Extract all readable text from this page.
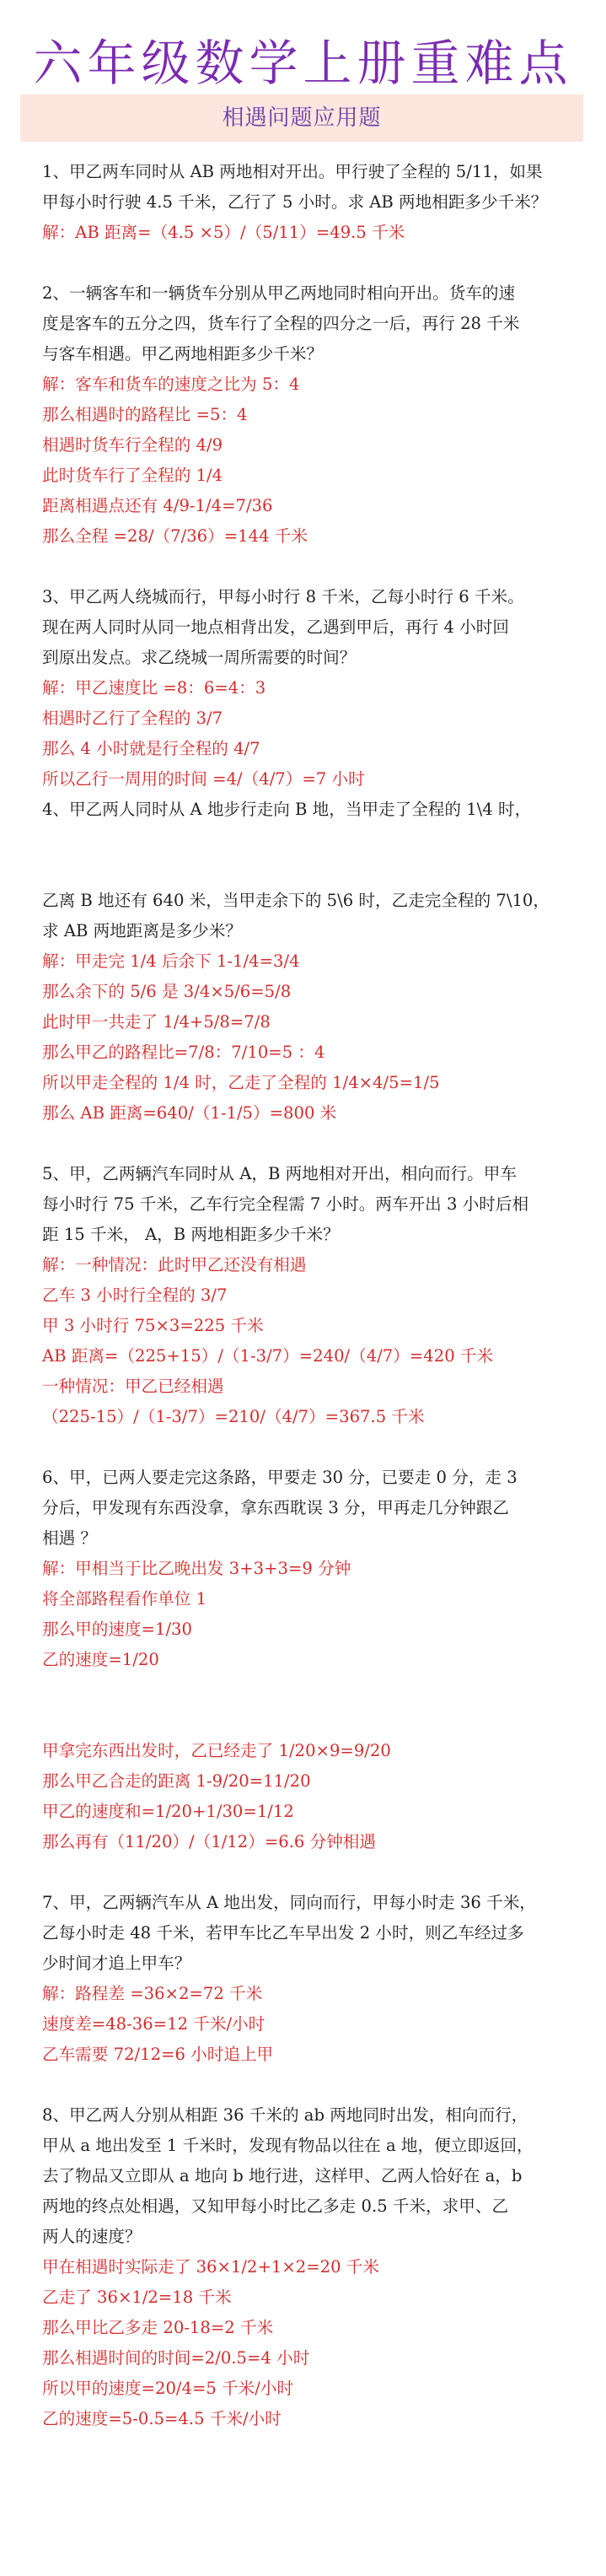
六年级数学上册重难点
相遇问题应用题
1、甲乙两车同时从 AB 两地相对开出。甲行驶了全程的 5/11，如果
甲每小时行驶 4.5 千米，乙行了 5 小时。求 AB 两地相距多少千米？
解：AB 距离=（4.5 ×5）/（5/11）=49.5 千米
2、一辆客车和一辆货车分别从甲乙两地同时相向开出。货车的速
度是客车的五分之四，货车行了全程的四分之一后，再行 28 千米
与客车相遇。甲乙两地相距多少千米？
解：客车和货车的速度之比为 5：4
那么相遇时的路程比 =5：4
相遇时货车行全程的 4/9
此时货车行了全程的 1/4
距离相遇点还有 4/9-1/4=7/36
那么全程 =28/（7/36）=144 千米
3、甲乙两人绕城而行，甲每小时行 8 千米，乙每小时行 6 千米。
现在两人同时从同一地点相背出发，乙遇到甲后，再行 4 小时回
到原出发点。求乙绕城一周所需要的时间？
解：甲乙速度比 =8：6=4：3
相遇时乙行了全程的 3/7
那么 4 小时就是行全程的 4/7
所以乙行一周用的时间 =4/（4/7）=7 小时
4、甲乙两人同时从 A 地步行走向 B 地，当甲走了全程的 1\4 时，
乙离 B 地还有 640 米，当甲走余下的 5\6 时，乙走完全程的 7\10，
求 AB 两地距离是多少米？
解：甲走完 1/4 后余下 1-1/4=3/4
那么余下的 5/6 是 3/4×5/6=5/8
此时甲一共走了 1/4+5/8=7/8
那么甲乙的路程比=7/8：7/10=5 ：4
所以甲走全程的 1/4 时，乙走了全程的 1/4×4/5=1/5
那么 AB 距离=640/（1-1/5）=800 米
5、甲，乙两辆汽车同时从 A，B 两地相对开出，相向而行。甲车
每小时行 75 千米，乙车行完全程需 7 小时。两车开出 3 小时后相
距 15 千米， A，B 两地相距多少千米？
解：一种情况：此时甲乙还没有相遇
乙车 3 小时行全程的 3/7
甲 3 小时行 75×3=225 千米
AB 距离=（225+15）/（1-3/7）=240/（4/7）=420 千米
一种情况：甲乙已经相遇
（225-15）/（1-3/7）=210/（4/7）=367.5 千米
6、甲，已两人要走完这条路，甲要走 30 分，已要走 0 分，走 3
分后，甲发现有东西没拿，拿东西耽误 3 分，甲再走几分钟跟乙
相遇 ？
解：甲相当于比乙晚出发 3+3+3=9 分钟
将全部路程看作单位 1
那么甲的速度=1/30
乙的速度=1/20
甲拿完东西出发时，乙已经走了 1/20×9=9/20
那么甲乙合走的距离 1-9/20=11/20
甲乙的速度和=1/20+1/30=1/12
那么再有（11/20）/（1/12）=6.6 分钟相遇
7、甲，乙两辆汽车从 A 地出发，同向而行，甲每小时走 36 千米，
乙每小时走 48 千米，若甲车比乙车早出发 2 小时，则乙车经过多
少时间才追上甲车？
解：路程差 =36×2=72 千米
速度差=48-36=12 千米/小时
乙车需要 72/12=6 小时追上甲
8、甲乙两人分别从相距 36 千米的 ab 两地同时出发，相向而行，
甲从 a 地出发至 1 千米时，发现有物品以往在 a 地，便立即返回，
去了物品又立即从 a 地向 b 地行进，这样甲、乙两人恰好在 a，b
两地的终点处相遇，又知甲每小时比乙多走 0.5 千米，求甲、乙
两人的速度？
甲在相遇时实际走了 36×1/2+1×2=20 千米
乙走了 36×1/2=18 千米
那么甲比乙多走 20-18=2 千米
那么相遇时间的时间=2/0.5=4 小时
所以甲的速度=20/4=5 千米/小时
乙的速度=5-0.5=4.5 千米/小时
